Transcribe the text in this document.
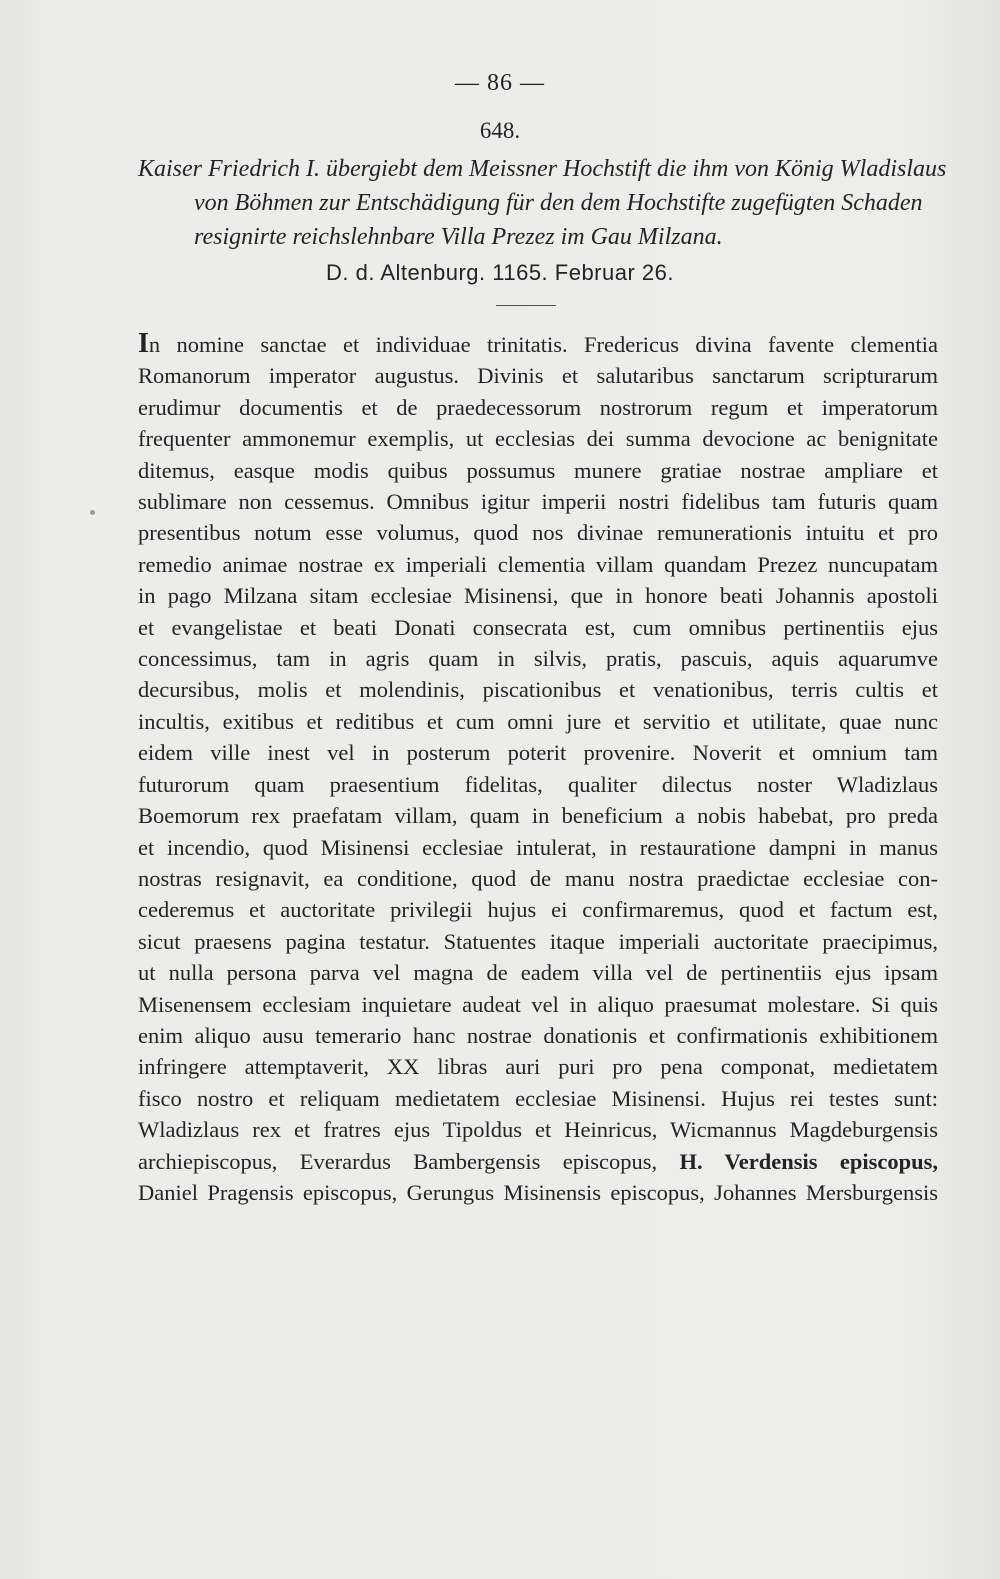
— 86 —
648.
Kaiser Friedrich I. übergiebt dem Meissner Hochstift die ihm von König Wladislaus
von Böhmen zur Entschädigung für den dem Hochstifte zugefügten Schaden
resignirte reichslehnbare Villa Prezez im Gau Milzana.
D. d. Altenburg. 1165. Februar 26.
In nomine sanctae et individuae trinitatis. Fredericus divina favente clementia
Romanorum imperator augustus. Divinis et salutaribus sanctarum scripturarum
erudimur documentis et de praedecessorum nostrorum regum et imperatorum
frequenter ammonemur exemplis, ut ecclesias dei summa devocione ac benignitate
ditemus, easque modis quibus possumus munere gratiae nostrae ampliare et
sublimare non cessemus. Omnibus igitur imperii nostri fidelibus tam futuris quam
presentibus notum esse volumus, quod nos divinae remunerationis intuitu et pro
remedio animae nostrae ex imperiali clementia villam quandam Prezez nuncupatam
in pago Milzana sitam ecclesiae Misinensi, que in honore beati Johannis apostoli
et evangelistae et beati Donati consecrata est, cum omnibus pertinentiis ejus
concessimus, tam in agris quam in silvis, pratis, pascuis, aquis aquarumve
decursibus, molis et molendinis, piscationibus et venationibus, terris cultis et
incultis, exitibus et reditibus et cum omni jure et servitio et utilitate, quae nunc
eidem ville inest vel in posterum poterit provenire. Noverit et omnium tam
futurorum quam praesentium fidelitas, qualiter dilectus noster Wladizlaus
Boemorum rex praefatam villam, quam in beneficium a nobis habebat, pro preda
et incendio, quod Misinensi ecclesiae intulerat, in restauratione dampni in manus
nostras resignavit, ea conditione, quod de manu nostra praedictae ecclesiae con-
cederemus et auctoritate privilegii hujus ei confirmaremus, quod et factum est,
sicut praesens pagina testatur. Statuentes itaque imperiali auctoritate praecipimus,
ut nulla persona parva vel magna de eadem villa vel de pertinentiis ejus ipsam
Misenensem ecclesiam inquietare audeat vel in aliquo praesumat molestare. Si quis
enim aliquo ausu temerario hanc nostrae donationis et confirmationis exhibitionem
infringere attemptaverit, XX libras auri puri pro pena componat, medietatem
fisco nostro et reliquam medietatem ecclesiae Misinensi. Hujus rei testes sunt:
Wladizlaus rex et fratres ejus Tipoldus et Heinricus, Wicmannus Magdeburgensis
archiepiscopus, Everardus Bambergensis episcopus, H. Verdensis episcopus,
Daniel Pragensis episcopus, Gerungus Misinensis episcopus, Johannes Mersburgensis
